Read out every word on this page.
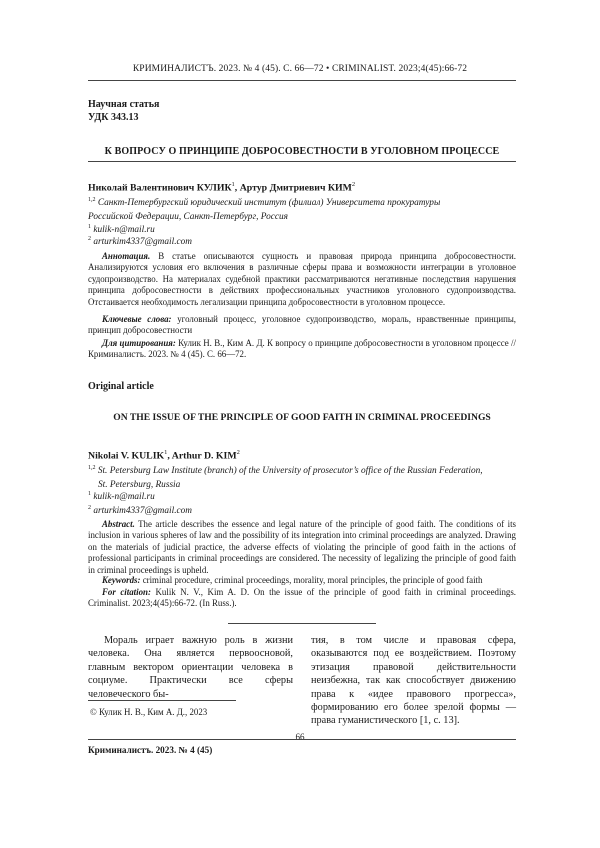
КРИМИНАЛИСТЪ. 2023. № 4 (45). С. 66—72 • CRIMINALIST. 2023;4(45):66-72
Научная статья
УДК 343.13
К ВОПРОСУ О ПРИНЦИПЕ ДОБРОСОВЕСТНОСТИ В УГОЛОВНОМ ПРОЦЕССЕ
Николай Валентинович КУЛИК$^1$, Артур Дмитриевич КИМ$^2$
$^{1,2}$ Санкт-Петербургский юридический институт (филиал) Университета прокуратуры
Российской Федерации, Санкт-Петербург, Россия
$^1$ kulik-n@mail.ru
$^2$ arturkim4337@gmail.com
Аннотация. В статье описываются сущность и правовая природа принципа добросовестности. Анализируются условия его включения в различные сферы права и возможности интеграции в уголовное судопроизводство. На материалах судебной практики рассматриваются негативные последствия нарушения принципа добросовестности в действиях профессиональных участников уголовного судопроизводства. Отстаивается необходимость легализации принципа добросовестности в уголовном процессе.
Ключевые слова: уголовный процесс, уголовное судопроизводство, мораль, нравственные принципы, принцип добросовестности
Для цитирования: Кулик Н. В., Ким А. Д. К вопросу о принципе добросовестности в уголовном процессе // Криминалистъ. 2023. № 4 (45). С. 66—72.
Original article
ON THE ISSUE OF THE PRINCIPLE OF GOOD FAITH IN CRIMINAL PROCEEDINGS
Nikolai V. KULIK$^1$, Arthur D. KIM$^2$
$^{1,2}$ St. Petersburg Law Institute (branch) of the University of prosecutor’s office of the Russian Federation,
St. Petersburg, Russia
$^1$ kulik-n@mail.ru
$^2$ arturkim4337@gmail.com
Abstract. The article describes the essence and legal nature of the principle of good faith. The conditions of its inclusion in various spheres of law and the possibility of its integration into criminal proceedings are analyzed. Drawing on the materials of judicial practice, the adverse effects of violating the principle of good faith in the actions of professional participants in criminal proceedings are considered. The necessity of legalizing the principle of good faith in criminal proceedings is upheld.
Keywords: criminal procedure, criminal proceedings, morality, moral principles, the principle of good faith
For citation: Kulik N. V., Kim A. D. On the issue of the principle of good faith in criminal proceedings. Criminalist. 2023;4(45):66-72. (In Russ.).
Мораль играет важную роль в жизни человека. Она является первоосновой, главным вектором ориентации человека в социуме. Практически все сферы человеческого бы-
тия, в том числе и правовая сфера, оказываются под ее воздействием. Поэтому этизация правовой действительности неизбежна, так как способствует движению права к «идее правового прогресса», формированию его более зрелой формы — права гуманистического [1, с. 13].
© Кулик Н. В., Ким А. Д., 2023
66
Криминалистъ. 2023. № 4 (45)
